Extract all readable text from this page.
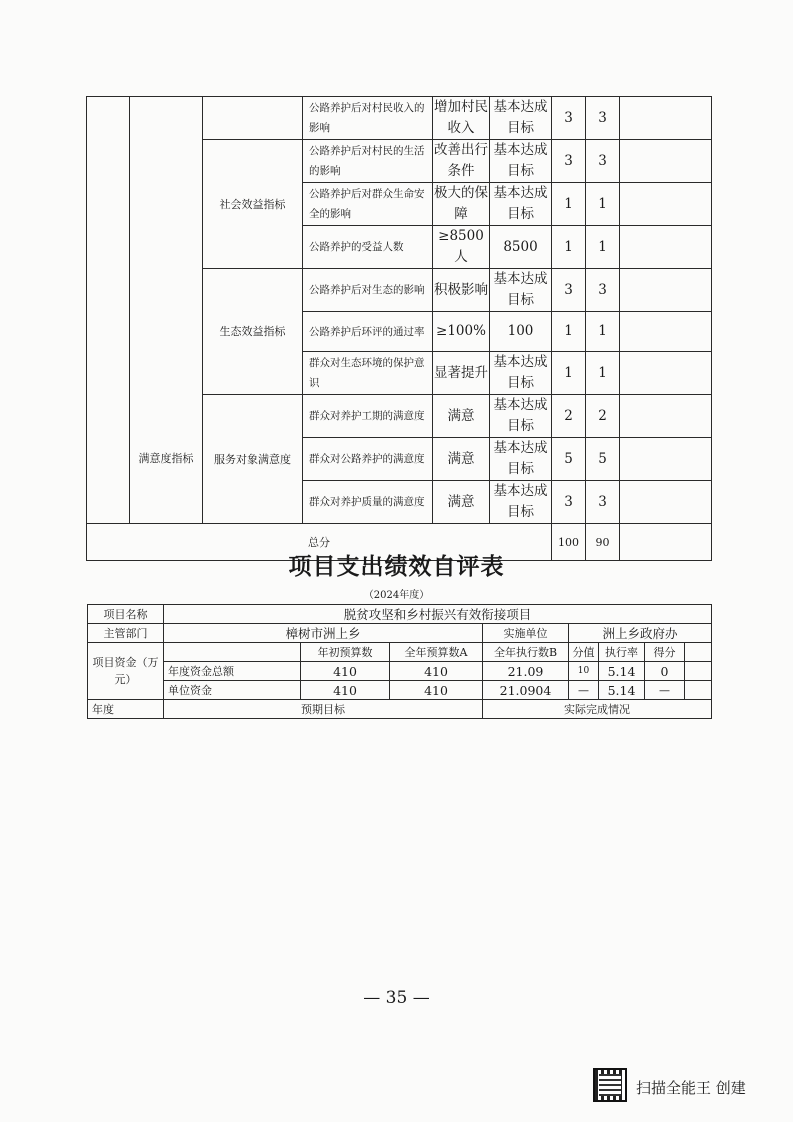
			公路养护后对村民收入的影响	增加村民收入	基本达成目标	3	3	
		社会效益指标	公路养护后对村民的生活的影响	改善出行条件	基本达成目标	3	3	
			公路养护后对群众生命安全的影响	极大的保障	基本达成目标	1	1	
			公路养护的受益人数	≥8500人	8500	1	1	
		生态效益指标	公路养护后对生态的影响	积极影响	基本达成目标	3	3	
			公路养护后环评的通过率	≥100%	100	1	1	
			群众对生态环境的保护意识	显著提升	基本达成目标	1	1	
	满意度指标	服务对象满意度	群众对养护工期的满意度	满意	基本达成目标	2	2	
			群众对公路养护的满意度	满意	基本达成目标	5	5	
			群众对养护质量的满意度	满意	基本达成目标	3	3	
总分						100	90	
项目支出绩效自评表
（2024年度）
项目名称	脱贫攻坚和乡村振兴有效衔接项目							
主管部门	樟树市洲上乡			实施单位	洲上乡政府办			
项目资金（万元）		年初预算数	全年预算数A	全年执行数B	分值	执行率	得分	
	年度资金总额	410	410	21.09	10	5.14	0	
	单位资金	410	410	21.0904	—	5.14	—	
年度	预期目标			实际完成情况				
— 35 —
扫描全能王 创建
